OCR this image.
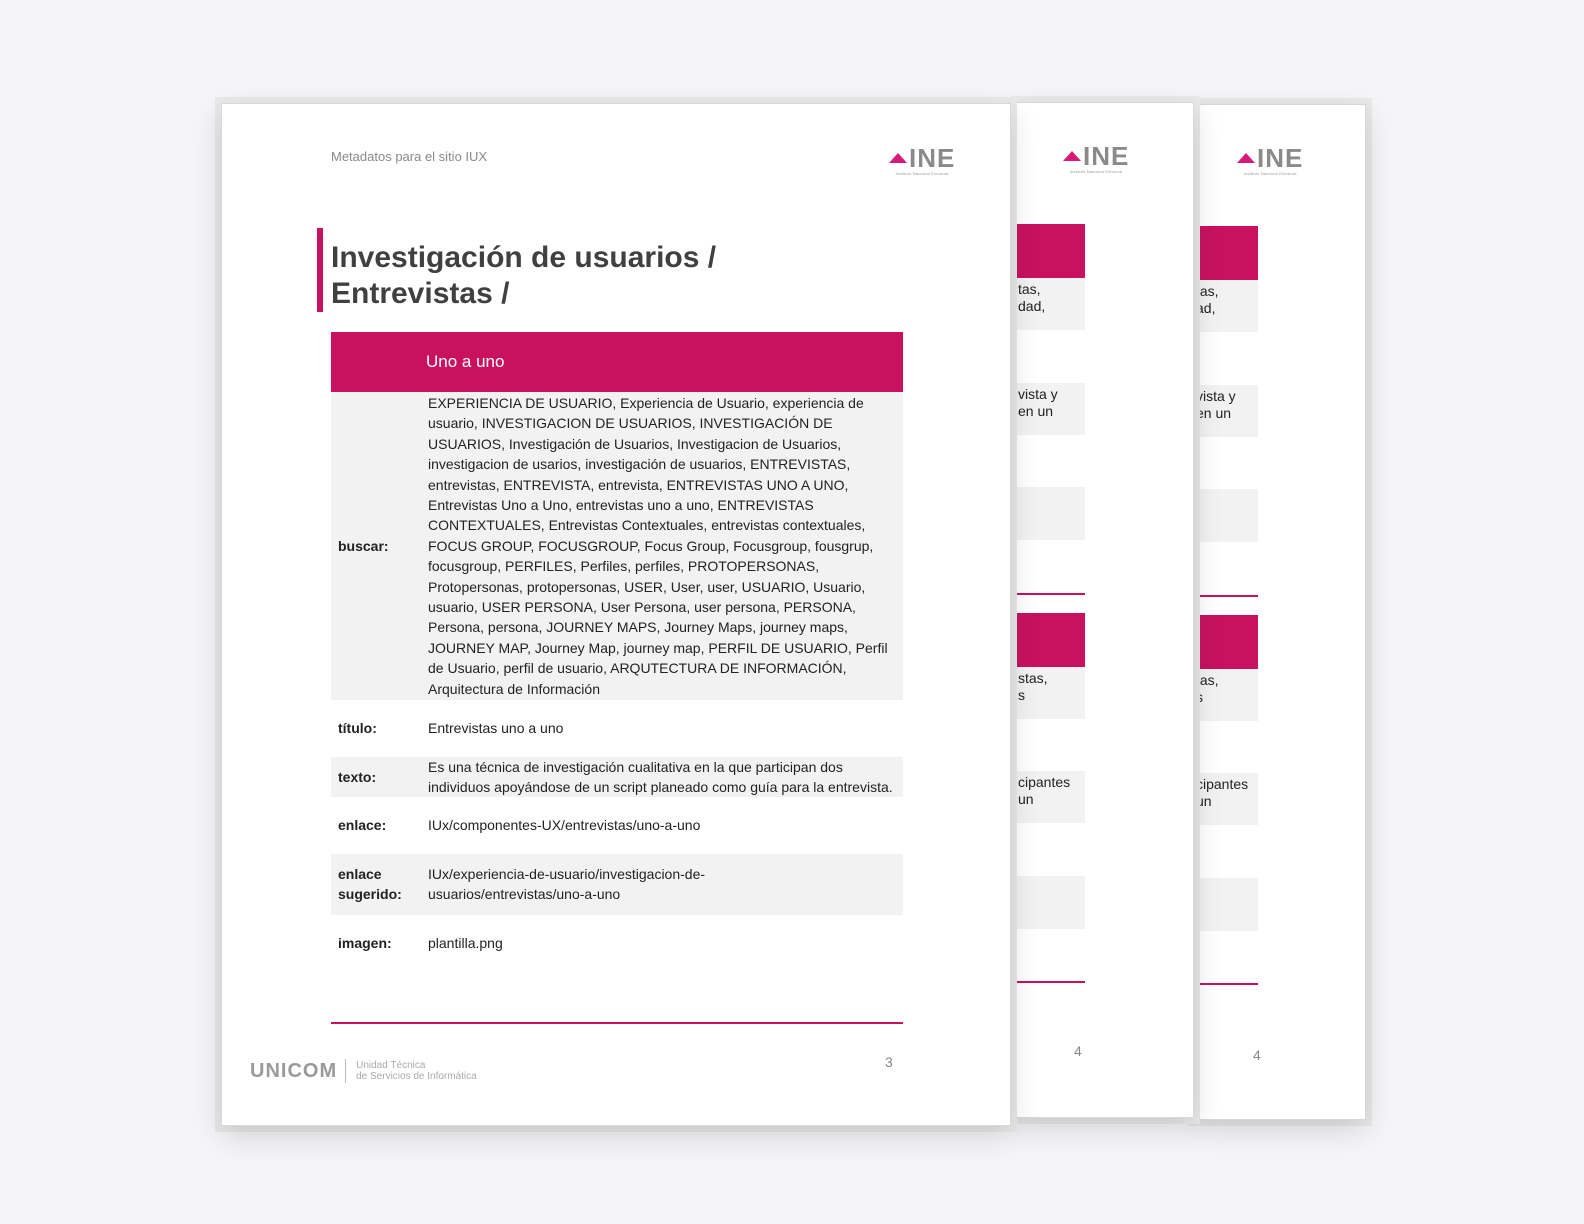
INE
Instituto Nacional Electoral
tas,
ad,
vista y
en un
tas,
s
cipantes
un
4
INE
Instituto Nacional Electoral
tas,
dad,
vista y
en un
stas,
s
cipantes
un
4
Metadatos para el sitio IUX	INE
Instituto Nacional Electoral
Investigación de usuarios /
Entrevistas /
	Uno a uno
buscar:	EXPERIENCIA DE USUARIO, Experiencia de Usuario, experiencia de usuario, INVESTIGACION DE USUARIOS, INVESTIGACIÓN DE USUARIOS, Investigación de Usuarios, Investigacion de Usuarios, investigacion de usarios, investigación de usuarios, ENTREVISTAS, entrevistas, ENTREVISTA, entrevista, ENTREVISTAS UNO A UNO, Entrevistas Uno a Uno, entrevistas uno a uno, ENTREVISTAS CONTEXTUALES, Entrevistas Contextuales, entrevistas contextuales, FOCUS GROUP, FOCUSGROUP, Focus Group, Focusgroup, fousgrup, focusgroup, PERFILES, Perfiles, perfiles, PROTOPERSONAS, Protopersonas, protopersonas, USER, User, user, USUARIO, Usuario, usuario, USER PERSONA, User Persona, user persona, PERSONA, Persona, persona, JOURNEY MAPS, Journey Maps, journey maps, JOURNEY MAP, Journey Map, journey map, PERFIL DE USUARIO, Perfil de Usuario, perfil de usuario, ARQUTECTURA DE INFORMACIÓN, Arquitectura de Información

título:	Entrevistas uno a uno

texto:	Es una técnica de investigación cualitativa en la que participan dos individuos apoyándose de un script planeado como guía para la entrevista.

enlace:	IUx/componentes-UX/entrevistas/uno-a-uno

enlace sugerido:	IUx/experiencia-de-usuario/investigacion-de-usuarios/entrevistas/uno-a-uno

imagen:	plantilla.png
UNICOM Unidad Técnica
de Servicios de Informática
3
